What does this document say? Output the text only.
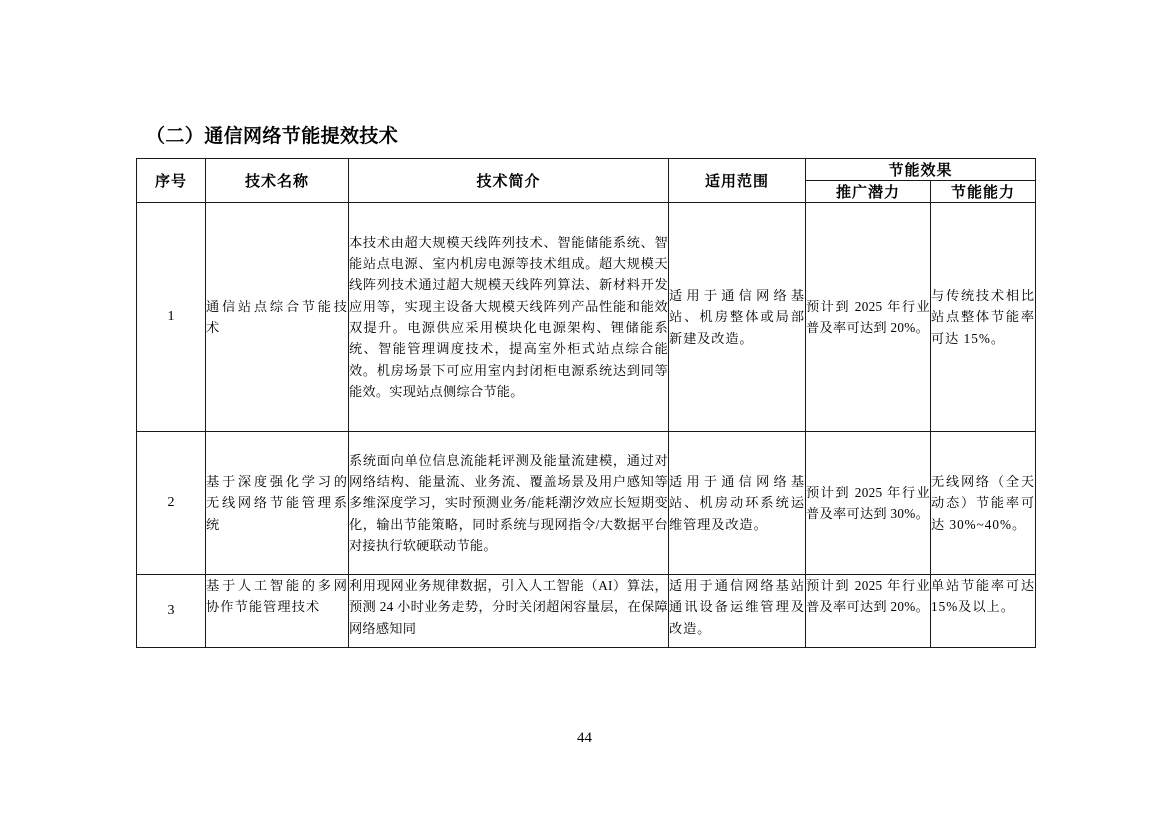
（二）通信网络节能提效技术
序号	技术名称	技术简介	适用范围	节能效果	
				推广潜力	节能能力
1	通信站点综合节能技术	本技术由超大规模天线阵列技术、智能储能系统、智能站点电源、室内机房电源等技术组成。超大规模天线阵列技术通过超大规模天线阵列算法、新材料开发应用等，实现主设备大规模天线阵列产品性能和能效双提升。电源供应采用模块化电源架构、锂储能系统、智能管理调度技术，提高室外柜式站点综合能效。机房场景下可应用室内封闭柜电源系统达到同等能效。实现站点侧综合节能。	适用于通信网络基站、机房整体或局部新建及改造。	预计到 2025 年行业普及率可达到 20%。	与传统技术相比站点整体节能率可达 15%。
2	基于深度强化学习的无线网络节能管理系统	系统面向单位信息流能耗评测及能量流建模，通过对网络结构、能量流、业务流、覆盖场景及用户感知等多维深度学习，实时预测业务/能耗潮汐效应长短期变化，输出节能策略，同时系统与现网指令/大数据平台对接执行软硬联动节能。	适用于通信网络基站、机房动环系统运维管理及改造。	预计到 2025 年行业普及率可达到 30%。	无线网络（全天动态）节能率可达 30%~40%。
3	基于人工智能的多网协作节能管理技术	利用现网业务规律数据，引入人工智能（AI）算法，预测 24 小时业务走势，分时关闭超闲容量层，在保障网络感知同	适用于通信网络基站通讯设备运维管理及改造。	预计到 2025 年行业普及率可达到 20%。	单站节能率可达 15%及以上。
44
